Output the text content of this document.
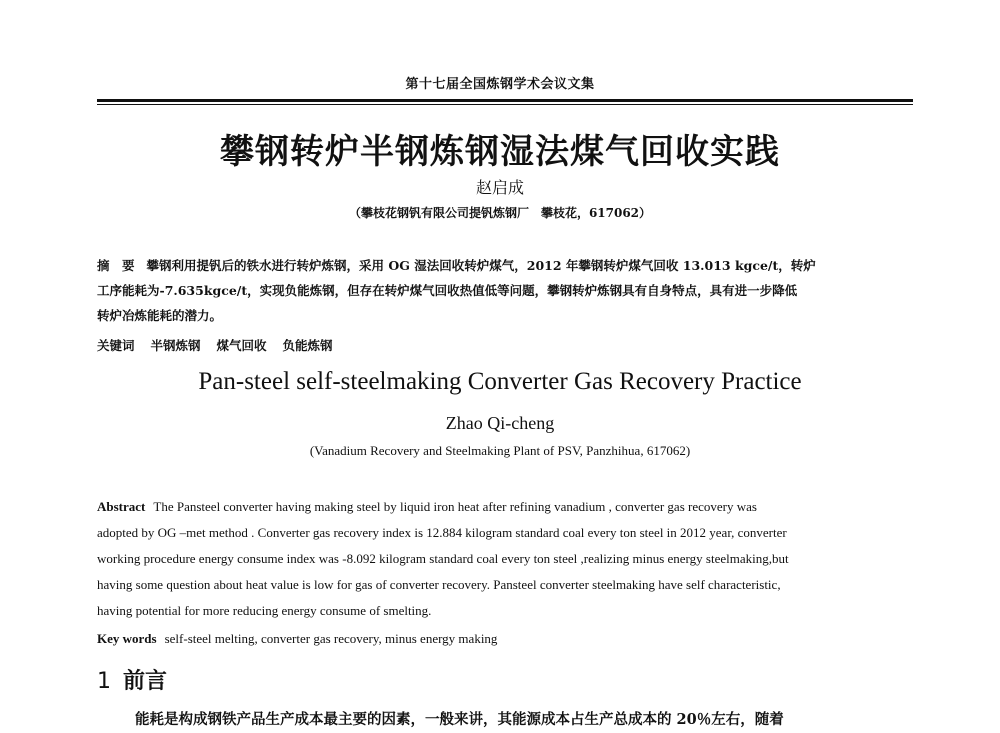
第十七届全国炼钢学术会议文集
攀钢转炉半钢炼钢湿法煤气回收实践
赵启成
（攀枝花钢钒有限公司提钒炼钢厂　攀枝花，617062）
摘　要 攀钢利用提钒后的铁水进行转炉炼钢，采用 OG 湿法回收转炉煤气，2012 年攀钢转炉煤气回收 13.013 kgce/t，转炉
工序能耗为-7.635kgce/t，实现负能炼钢，但存在转炉煤气回收热值低等问题，攀钢转炉炼钢具有自身特点，具有进一步降低
转炉冶炼能耗的潜力。
关键词 半钢炼钢 煤气回收 负能炼钢
Pan-steel self-steelmaking Converter Gas Recovery Practice
Zhao Qi-cheng
(Vanadium Recovery and Steelmaking Plant of PSV, Panzhihua, 617062)
Abstract The Pansteel converter having making steel by liquid iron heat after refining vanadium , converter gas recovery was
adopted by OG –met method . Converter gas recovery index is 12.884 kilogram standard coal every ton steel in 2012 year, converter
working procedure energy consume index was -8.092 kilogram standard coal every ton steel ,realizing minus energy steelmaking,but
having some question about heat value is low for gas of converter recovery. Pansteel converter steelmaking have self characteristic,
having potential for more reducing energy consume of smelting.
Key words self-steel melting, converter gas recovery, minus energy making
1 前言
能耗是构成钢铁产品生产成本最主要的因素，一般来讲，其能源成本占生产总成本的 20％左右，随着
